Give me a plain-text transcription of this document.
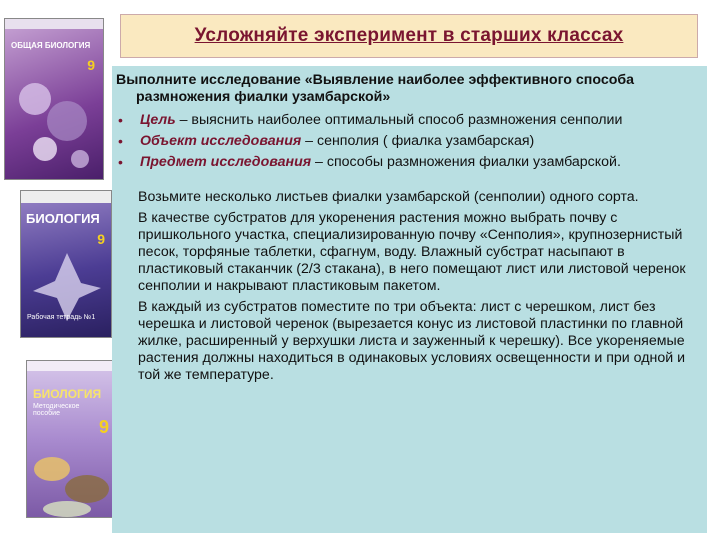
ОБЩАЯ БИОЛОГИЯ
9
БИОЛОГИЯ
9
Рабочая тетрадь №1
БИОЛОГИЯ
Методическое пособие
9
Усложняйте эксперимент в старших классах

Выполните исследование «Выявление наиболее эффективного способа размножения фиалки узамбарской»

•	Цель – выяснить наиболее оптимальный способ размножения сенполии
•	Объект исследования – сенполия ( фиалка узамбарская)
•	Предмет исследования – способы размножения фиалки узамбарской.

Возьмите несколько листьев фиалки узамбарской (сенполии) одного сорта.

В качестве субстратов для укоренения растения можно выбрать почву с пришкольного участка, специализированную почву «Сенполия», крупнозернистый песок, торфяные таблетки, сфагнум, воду. Влажный субстрат насыпают в пластиковый стаканчик (2/3 стакана), в него помещают лист или листовой черенок сенполии и накрывают пластиковым пакетом.

В каждый из субстратов поместите по три объекта: лист с черешком, лист без черешка и листовой черенок (вырезается конус из листовой пластинки по главной жилке, расширенный у верхушки листа и зауженный к черешку). Все укореняемые растения должны находиться в одинаковых условиях освещенности и при одной и той же температуре.
